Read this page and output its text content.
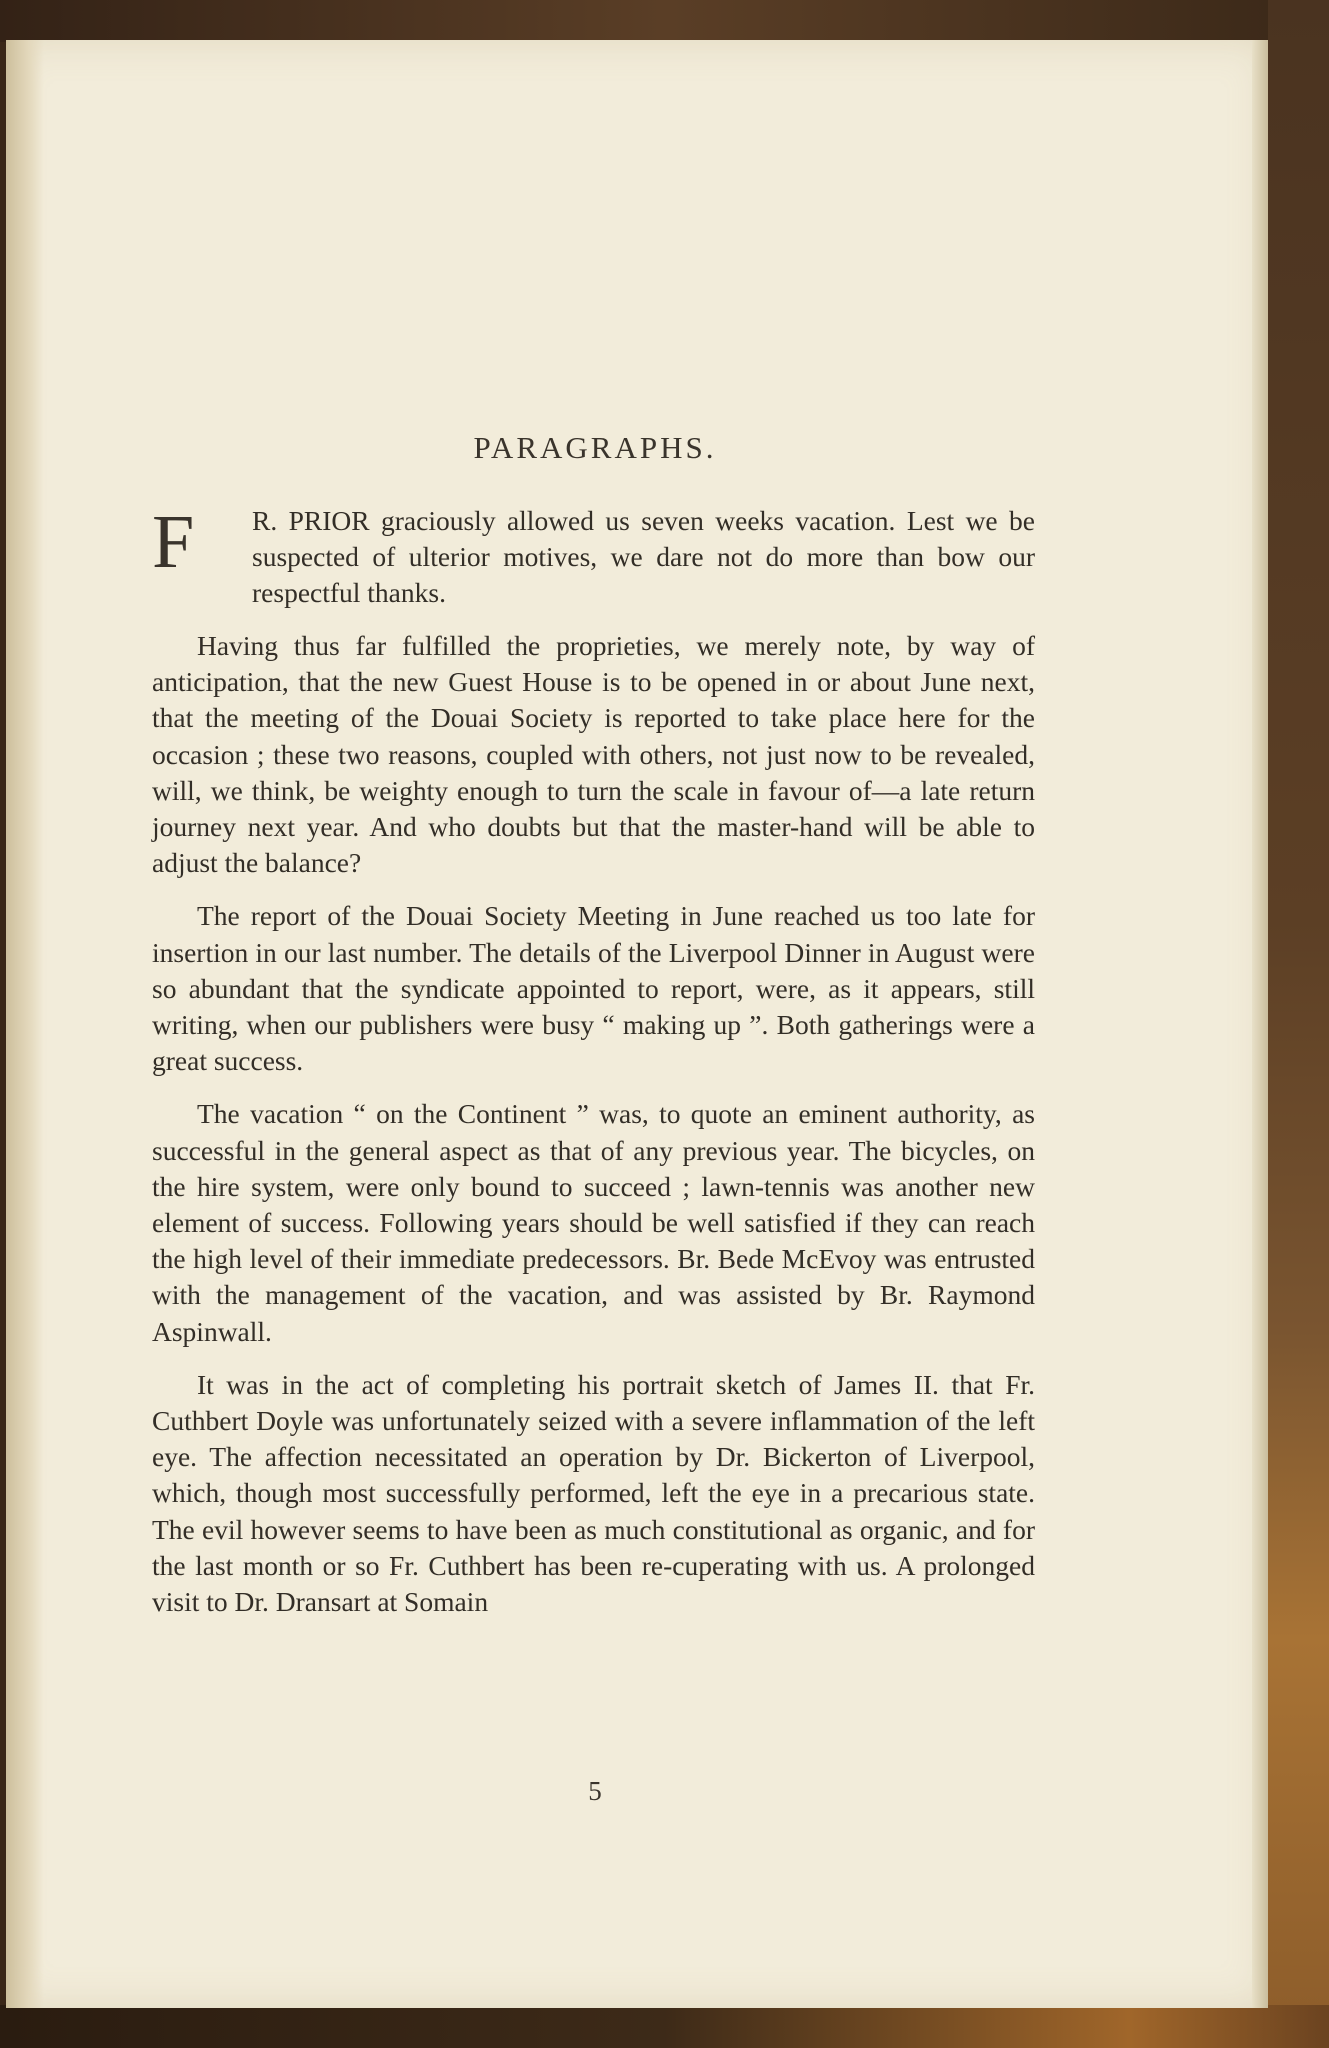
PARAGRAPHS.
F R. PRIOR graciously allowed us seven weeks vacation. Lest we be suspected of ulterior motives, we dare not do more than bow our respectful thanks.

Having thus far fulfilled the proprieties, we merely note, by way of anticipation, that the new Guest House is to be opened in or about June next, that the meeting of the Douai Society is reported to take place here for the occasion ; these two reasons, coupled with others, not just now to be revealed, will, we think, be weighty enough to turn the scale in favour of—a late return journey next year. And who doubts but that the master-hand will be able to adjust the balance?

The report of the Douai Society Meeting in June reached us too late for insertion in our last number. The details of the Liverpool Dinner in August were so abundant that the syndicate appointed to report, were, as it appears, still writing, when our publishers were busy “ making up ”. Both gatherings were a great success.

The vacation “ on the Continent ” was, to quote an eminent authority, as successful in the general aspect as that of any previous year. The bicycles, on the hire system, were only bound to succeed ; lawn-tennis was another new element of success. Following years should be well satisfied if they can reach the high level of their immediate predecessors. Br. Bede McEvoy was entrusted with the management of the vacation, and was assisted by Br. Raymond Aspinwall.

It was in the act of completing his portrait sketch of James II. that Fr. Cuthbert Doyle was unfortunately seized with a severe inflammation of the left eye. The affection necessitated an operation by Dr. Bickerton of Liverpool, which, though most successfully performed, left the eye in a precarious state. The evil however seems to have been as much constitutional as organic, and for the last month or so Fr. Cuthbert has been re-cuperating with us. A prolonged visit to Dr. Dransart at Somain

5
